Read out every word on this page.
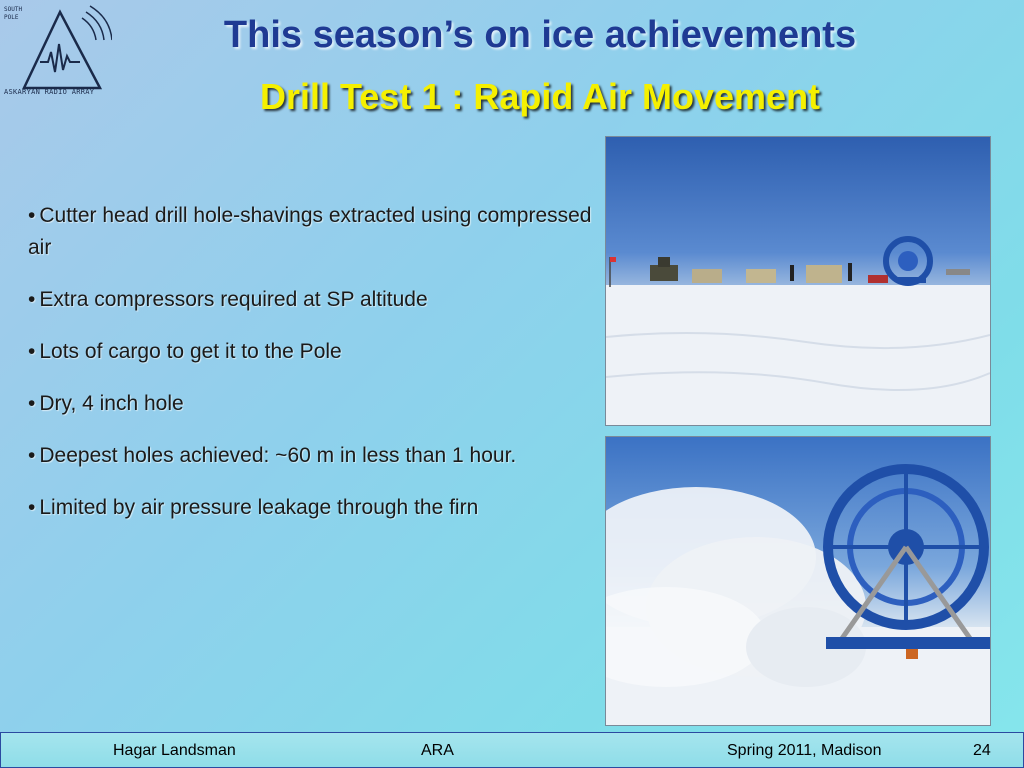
SOUTH POLE
ASKARYAN RADIO ARRAY
This season’s on ice achievements
Drill Test 1 : Rapid Air Movement
• Cutter head drill hole-shavings extracted using compressed air
• Extra compressors required at SP altitude
• Lots of cargo to get it to the Pole
• Dry, 4 inch hole
• Deepest holes achieved: ~60 m in less than 1 hour.
• Limited by air pressure leakage through the firn
Hagar Landsman	ARA	Spring 2011, Madison	24
